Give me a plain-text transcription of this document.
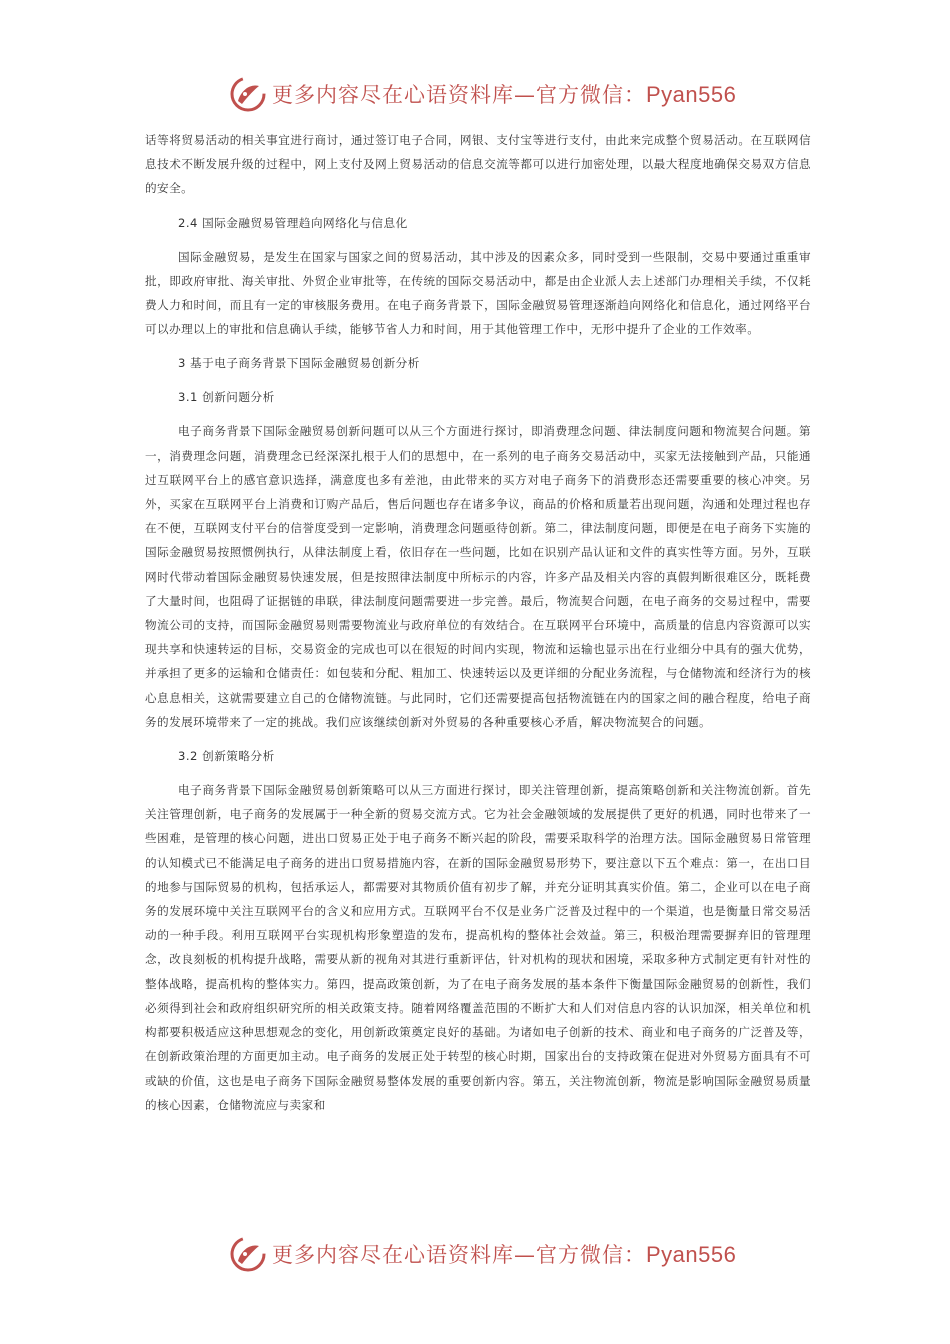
更多内容尽在心语资料库—官方微信：Pyan556

话等将贸易活动的相关事宜进行商讨，通过签订电子合同，网银、支付宝等进行支付，由此来完成整个贸易活动。在互联网信息技术不断发展升级的过程中，网上支付及网上贸易活动的信息交流等都可以进行加密处理，以最大程度地确保交易双方信息的安全。

2.4 国际金融贸易管理趋向网络化与信息化

国际金融贸易，是发生在国家与国家之间的贸易活动，其中涉及的因素众多，同时受到一些限制，交易中要通过重重审批，即政府审批、海关审批、外贸企业审批等，在传统的国际交易活动中，都是由企业派人去上述部门办理相关手续，不仅耗费人力和时间，而且有一定的审核服务费用。在电子商务背景下，国际金融贸易管理逐渐趋向网络化和信息化，通过网络平台可以办理以上的审批和信息确认手续，能够节省人力和时间，用于其他管理工作中，无形中提升了企业的工作效率。

3 基于电子商务背景下国际金融贸易创新分析
3.1 创新问题分析

电子商务背景下国际金融贸易创新问题可以从三个方面进行探讨，即消费理念问题、律法制度问题和物流契合问题。第一，消费理念问题，消费理念已经深深扎根于人们的思想中，在一系列的电子商务交易活动中，买家无法接触到产品，只能通过互联网平台上的感官意识选择，满意度也多有差池，由此带来的买方对电子商务下的消费形态还需要重要的核心冲突。另外，买家在互联网平台上消费和订购产品后，售后问题也存在诸多争议，商品的价格和质量若出现问题，沟通和处理过程也存在不便，互联网支付平台的信誉度受到一定影响，消费理念问题亟待创新。第二，律法制度问题，即便是在电子商务下实施的国际金融贸易按照惯例执行，从律法制度上看，依旧存在一些问题，比如在识别产品认证和文件的真实性等方面。另外，互联网时代带动着国际金融贸易快速发展，但是按照律法制度中所标示的内容，许多产品及相关内容的真假判断很难区分，既耗费了大量时间，也阻碍了证据链的串联，律法制度问题需要进一步完善。最后，物流契合问题，在电子商务的交易过程中，需要物流公司的支持，而国际金融贸易则需要物流业与政府单位的有效结合。在互联网平台环境中，高质量的信息内容资源可以实现共享和快速转运的目标，交易资金的完成也可以在很短的时间内实现，物流和运输也显示出在行业细分中具有的强大优势，并承担了更多的运输和仓储责任：如包装和分配、粗加工、快速转运以及更详细的分配业务流程，与仓储物流和经济行为的核心息息相关，这就需要建立自己的仓储物流链。与此同时，它们还需要提高包括物流链在内的国家之间的融合程度，给电子商务的发展环境带来了一定的挑战。我们应该继续创新对外贸易的各种重要核心矛盾，解决物流契合的问题。

3.2 创新策略分析

电子商务背景下国际金融贸易创新策略可以从三方面进行探讨，即关注管理创新，提高策略创新和关注物流创新。首先关注管理创新，电子商务的发展属于一种全新的贸易交流方式。它为社会金融领域的发展提供了更好的机遇，同时也带来了一些困难，是管理的核心问题，进出口贸易正处于电子商务不断兴起的阶段，需要采取科学的治理方法。国际金融贸易日常管理的认知模式已不能满足电子商务的进出口贸易措施内容，在新的国际金融贸易形势下，要注意以下五个难点：第一，在出口目的地参与国际贸易的机构，包括承运人，都需要对其物质价值有初步了解，并充分证明其真实价值。第二，企业可以在电子商务的发展环境中关注互联网平台的含义和应用方式。互联网平台不仅是业务广泛普及过程中的一个渠道，也是衡量日常交易活动的一种手段。利用互联网平台实现机构形象塑造的发布，提高机构的整体社会效益。第三，积极治理需要摒弃旧的管理理念，改良刻板的机构提升战略，需要从新的视角对其进行重新评估，针对机构的现状和困境，采取多种方式制定更有针对性的整体战略，提高机构的整体实力。第四，提高政策创新，为了在电子商务发展的基本条件下衡量国际金融贸易的创新性，我们必须得到社会和政府组织研究所的相关政策支持。随着网络覆盖范围的不断扩大和人们对信息内容的认识加深，相关单位和机构都要积极适应这种思想观念的变化，用创新政策奠定良好的基础。为诸如电子创新的技术、商业和电子商务的广泛普及等，在创新政策治理的方面更加主动。电子商务的发展正处于转型的核心时期，国家出台的支持政策在促进对外贸易方面具有不可或缺的价值，这也是电子商务下国际金融贸易整体发展的重要创新内容。第五，关注物流创新，物流是影响国际金融贸易质量的核心因素，仓储物流应与卖家和

更多内容尽在心语资料库—官方微信：Pyan556
